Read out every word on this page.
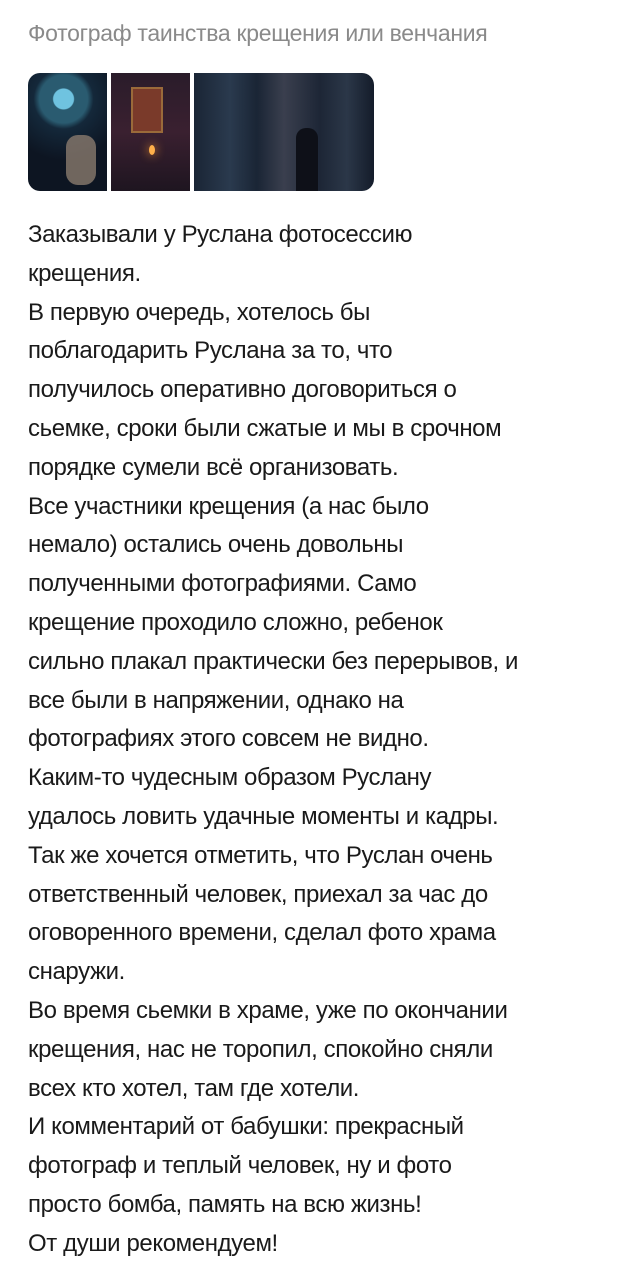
Фотограф таинства крещения или венчания
Заказывали у Руслана фотосессию
крещения.
В первую очередь, хотелось бы
поблагодарить Руслана за то, что
получилось оперативно договориться о
сьемке, сроки были сжатые и мы в срочном
порядке сумели всё организовать.
Все участники крещения (а нас было
немало) остались очень довольны
полученными фотографиями. Само
крещение проходило сложно, ребенок
сильно плакал практически без перерывов, и
все были в напряжении, однако на
фотографиях этого совсем не видно.
Каким-то чудесным образом Руслану
удалось ловить удачные моменты и кадры.
Так же хочется отметить, что Руслан очень
ответственный человек, приехал за час до
оговоренного времени, сделал фото храма
снаружи.
Во время сьемки в храме, уже по окончании
крещения, нас не торопил, спокойно сняли
всех кто хотел, там где хотели.
И комментарий от бабушки: прекрасный
фотограф и теплый человек, ну и фото
просто бомба, память на всю жизнь!
От души рекомендуем!
